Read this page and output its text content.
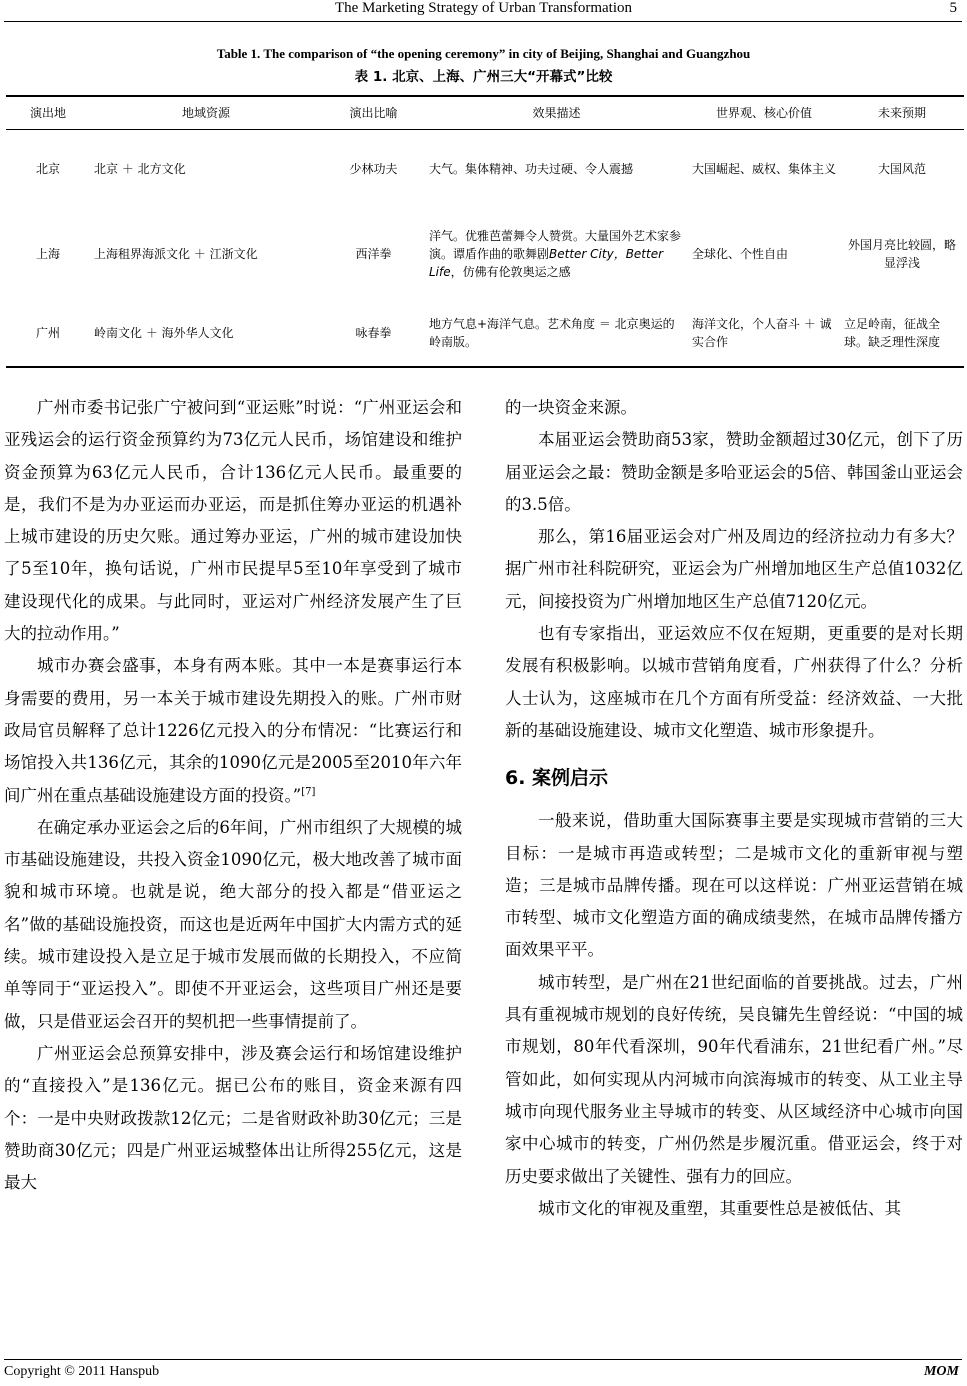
The Marketing Strategy of Urban Transformation	5
Table 1. The comparison of “the opening ceremony” in city of Beijing, Shanghai and Guangzhou
表 1. 北京、上海、广州三大“开幕式”比较
演出地	地域资源	演出比喻	效果描述	世界观、核心价值	未来预期
北京	北京 ＋ 北方文化	少林功夫	大气。集体精神、功夫过硬、令人震撼	大国崛起、威权、集体主义	大国风范
上海	上海租界海派文化 ＋ 江浙文化	西洋拳	洋气。优雅芭蕾舞令人赞赏。大量国外艺术家参演。谭盾作曲的歌舞剧Better City，Better Life，仿佛有伦敦奥运之感	全球化、个性自由	外国月亮比较圆，略显浮浅
广州	岭南文化 ＋ 海外华人文化	咏春拳	地方气息+海洋气息。艺术角度 ＝ 北京奥运的岭南版。	海洋文化，个人奋斗 ＋ 诚实合作	立足岭南，征战全球。缺乏理性深度

广州市委书记张广宁被问到“亚运账”时说：“广州亚运会和亚残运会的运行资金预算约为73亿元人民币，场馆建设和维护资金预算为63亿元人民币，合计136亿元人民币。最重要的是，我们不是为办亚运而办亚运，而是抓住筹办亚运的机遇补上城市建设的历史欠账。通过筹办亚运，广州的城市建设加快了5至10年，换句话说，广州市民提早5至10年享受到了城市建设现代化的成果。与此同时，亚运对广州经济发展产生了巨大的拉动作用。”

城市办赛会盛事，本身有两本账。其中一本是赛事运行本身需要的费用，另一本关于城市建设先期投入的账。广州市财政局官员解释了总计1226亿元投入的分布情况：“比赛运行和场馆投入共136亿元，其余的1090亿元是2005至2010年六年间广州在重点基础设施建设方面的投资。”[7]

在确定承办亚运会之后的6年间，广州市组织了大规模的城市基础设施建设，共投入资金1090亿元，极大地改善了城市面貌和城市环境。也就是说，绝大部分的投入都是“借亚运之名”做的基础设施投资，而这也是近两年中国扩大内需方式的延续。城市建设投入是立足于城市发展而做的长期投入，不应简单等同于“亚运投入”。即使不开亚运会，这些项目广州还是要做，只是借亚运会召开的契机把一些事情提前了。

广州亚运会总预算安排中，涉及赛会运行和场馆建设维护的“直接投入”是136亿元。据已公布的账目，资金来源有四个：一是中央财政拨款12亿元；二是省财政补助30亿元；三是赞助商30亿元；四是广州亚运城整体出让所得255亿元，这是最大

的一块资金来源。

本届亚运会赞助商53家，赞助金额超过30亿元，创下了历届亚运会之最：赞助金额是多哈亚运会的5倍、韩国釜山亚运会的3.5倍。

那么，第16届亚运会对广州及周边的经济拉动力有多大？据广州市社科院研究，亚运会为广州增加地区生产总值1032亿元，间接投资为广州增加地区生产总值7120亿元。

也有专家指出，亚运效应不仅在短期，更重要的是对长期发展有积极影响。以城市营销角度看，广州获得了什么？分析人士认为，这座城市在几个方面有所受益：经济效益、一大批新的基础设施建设、城市文化塑造、城市形象提升。

6. 案例启示

一般来说，借助重大国际赛事主要是实现城市营销的三大目标：一是城市再造或转型；二是城市文化的重新审视与塑造；三是城市品牌传播。现在可以这样说：广州亚运营销在城市转型、城市文化塑造方面的确成绩斐然，在城市品牌传播方面效果平平。

城市转型，是广州在21世纪面临的首要挑战。过去，广州具有重视城市规划的良好传统，吴良镛先生曾经说：“中国的城市规划，80年代看深圳，90年代看浦东，21世纪看广州。”尽管如此，如何实现从内河城市向滨海城市的转变、从工业主导城市向现代服务业主导城市的转变、从区域经济中心城市向国家中心城市的转变，广州仍然是步履沉重。借亚运会，终于对历史要求做出了关键性、强有力的回应。

城市文化的审视及重塑，其重要性总是被低估、其

Copyright © 2011 Hanspub	MOM
